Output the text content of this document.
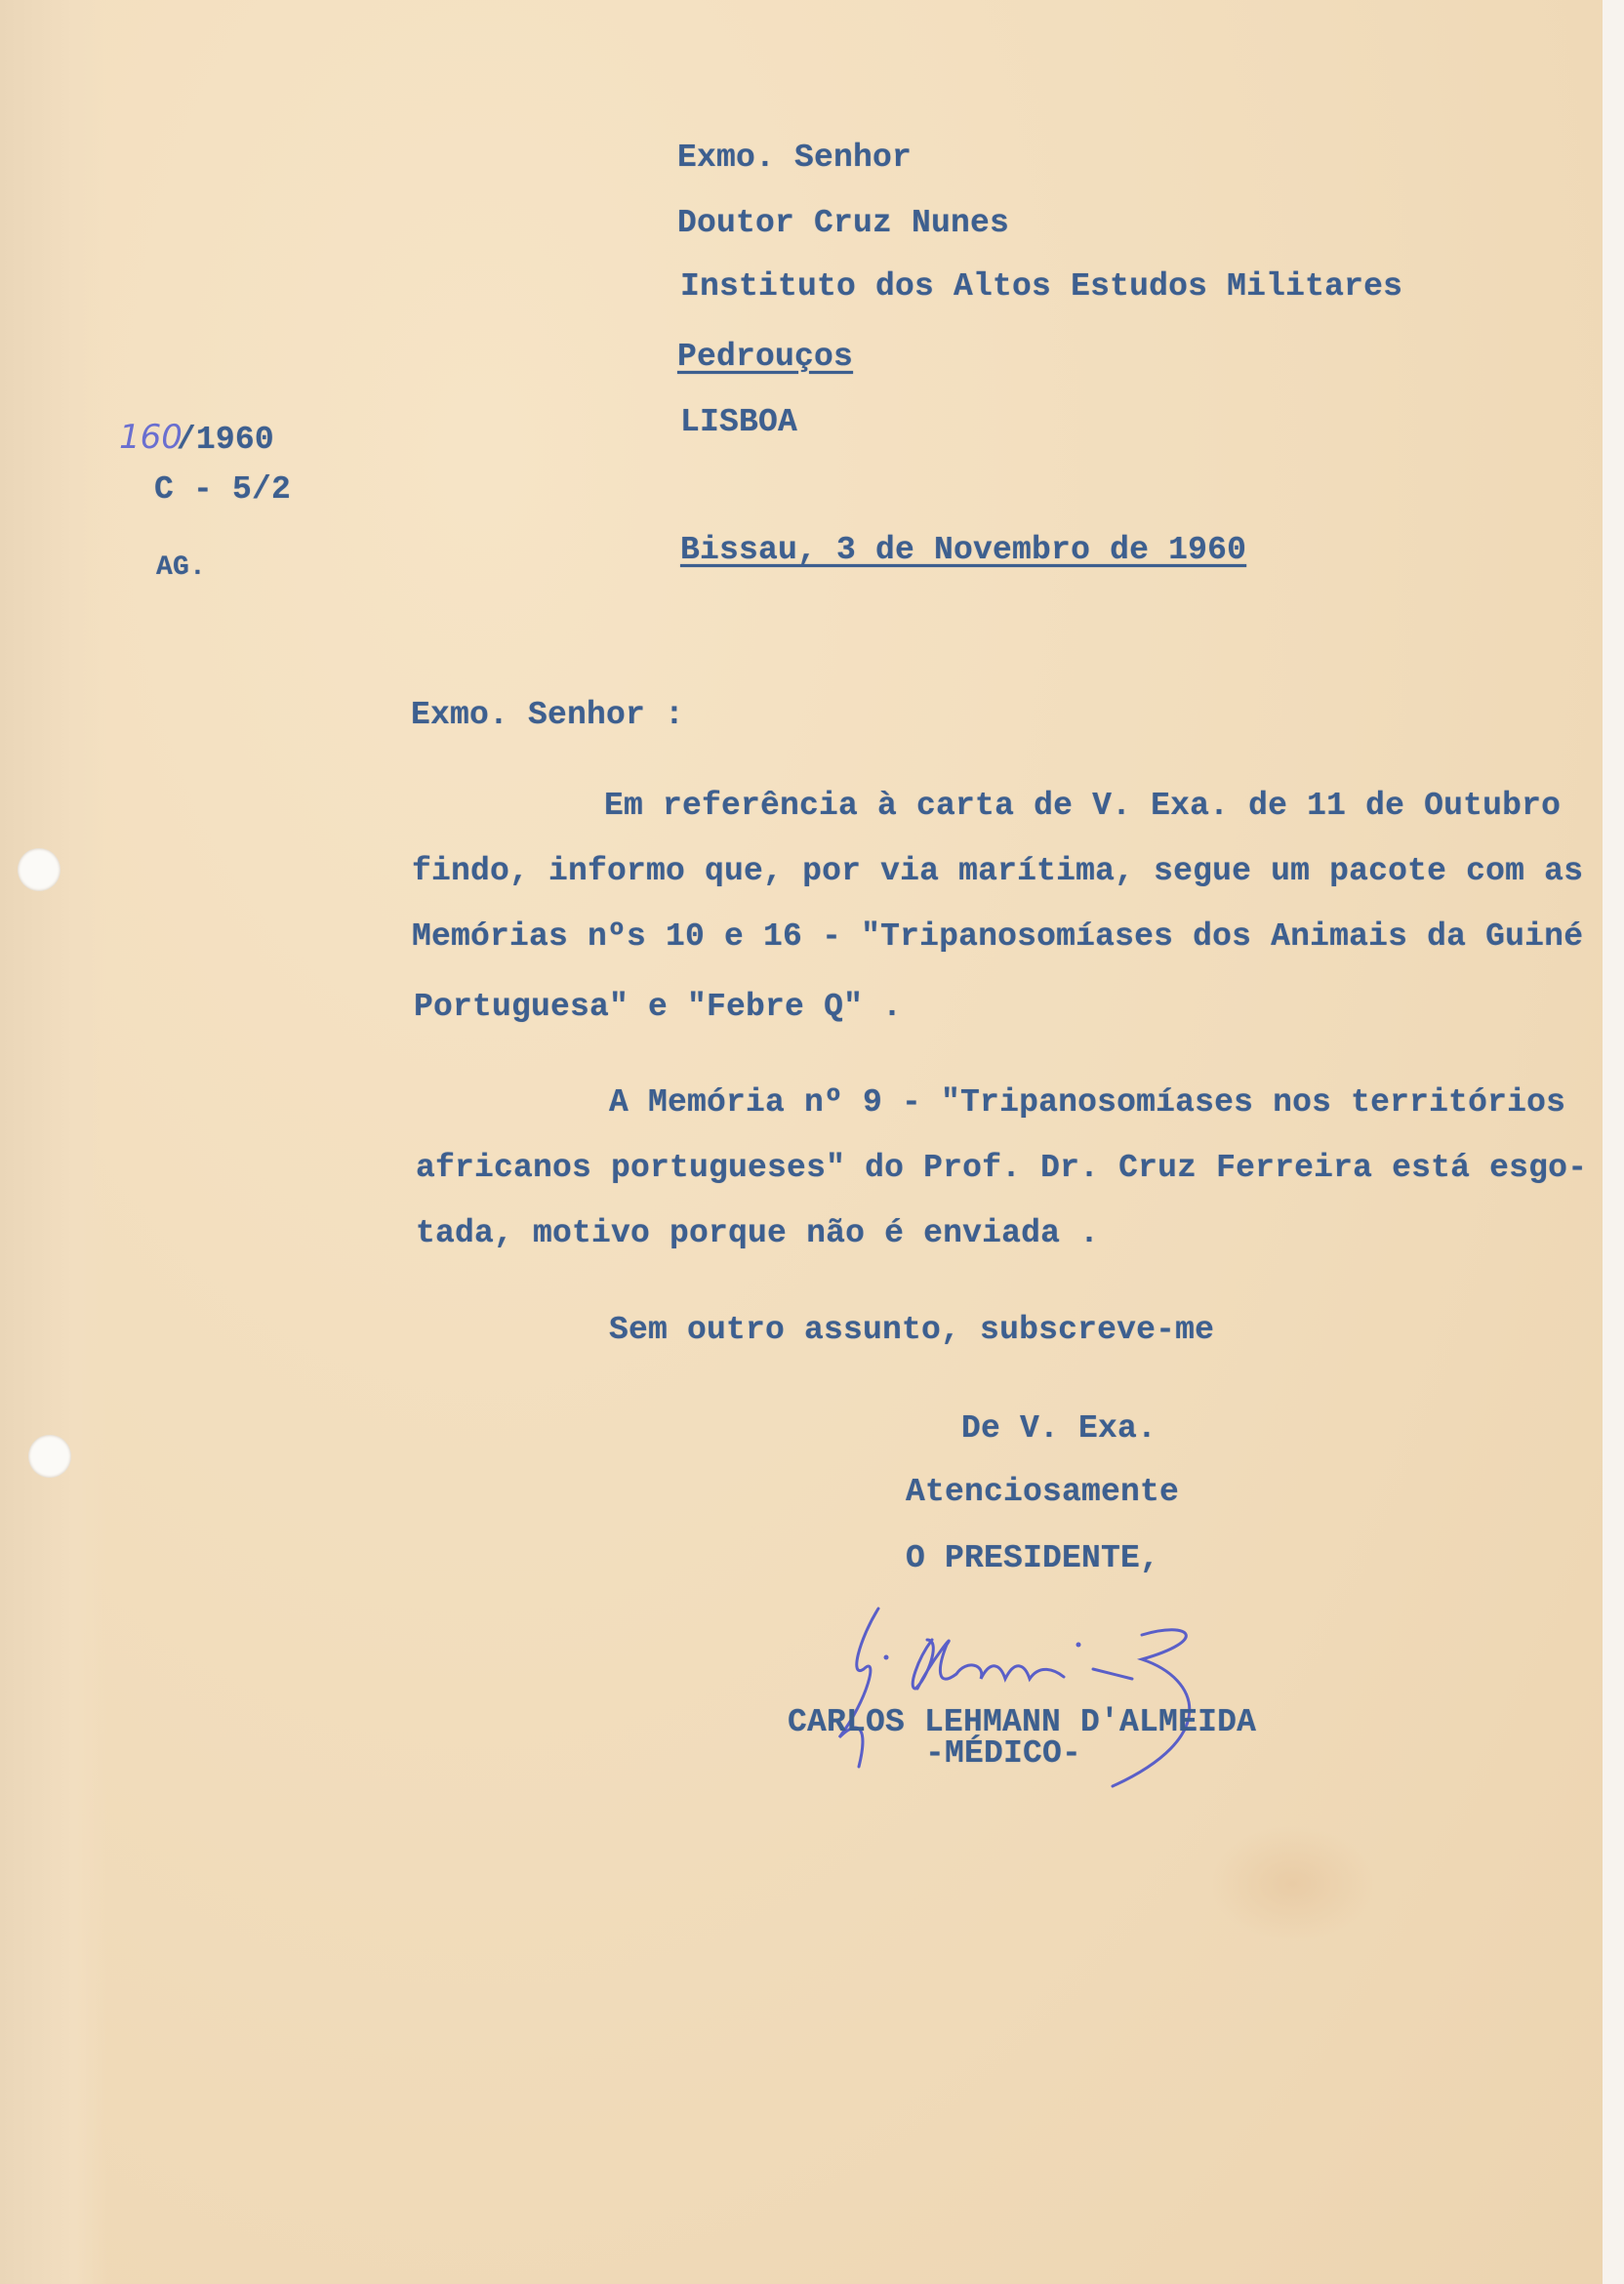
Exmo. Senhor
Doutor Cruz Nunes
Instituto dos Altos Estudos Militares
Pedrouços
LISBOA
160/1960
C - 5/2
AG.	Bissau, 3 de Novembro de 1960
Exmo. Senhor :
Em referência à carta de V. Exa. de 11 de Outubro
findo, informo que, por via marítima, segue um pacote com as
Memórias nºs 10 e 16 - "Tripanosomíases dos Animais da Guiné
Portuguesa" e "Febre Q" .
A Memória nº 9 - "Tripanosomíases nos territórios
africanos portugueses" do Prof. Dr. Cruz Ferreira está esgo-
tada, motivo porque não é enviada .
Sem outro assunto, subscreve-me
De V. Exa.
Atenciosamente
O PRESIDENTE,
CARLOS LEHMANN D'ALMEIDA
-MÉDICO-
